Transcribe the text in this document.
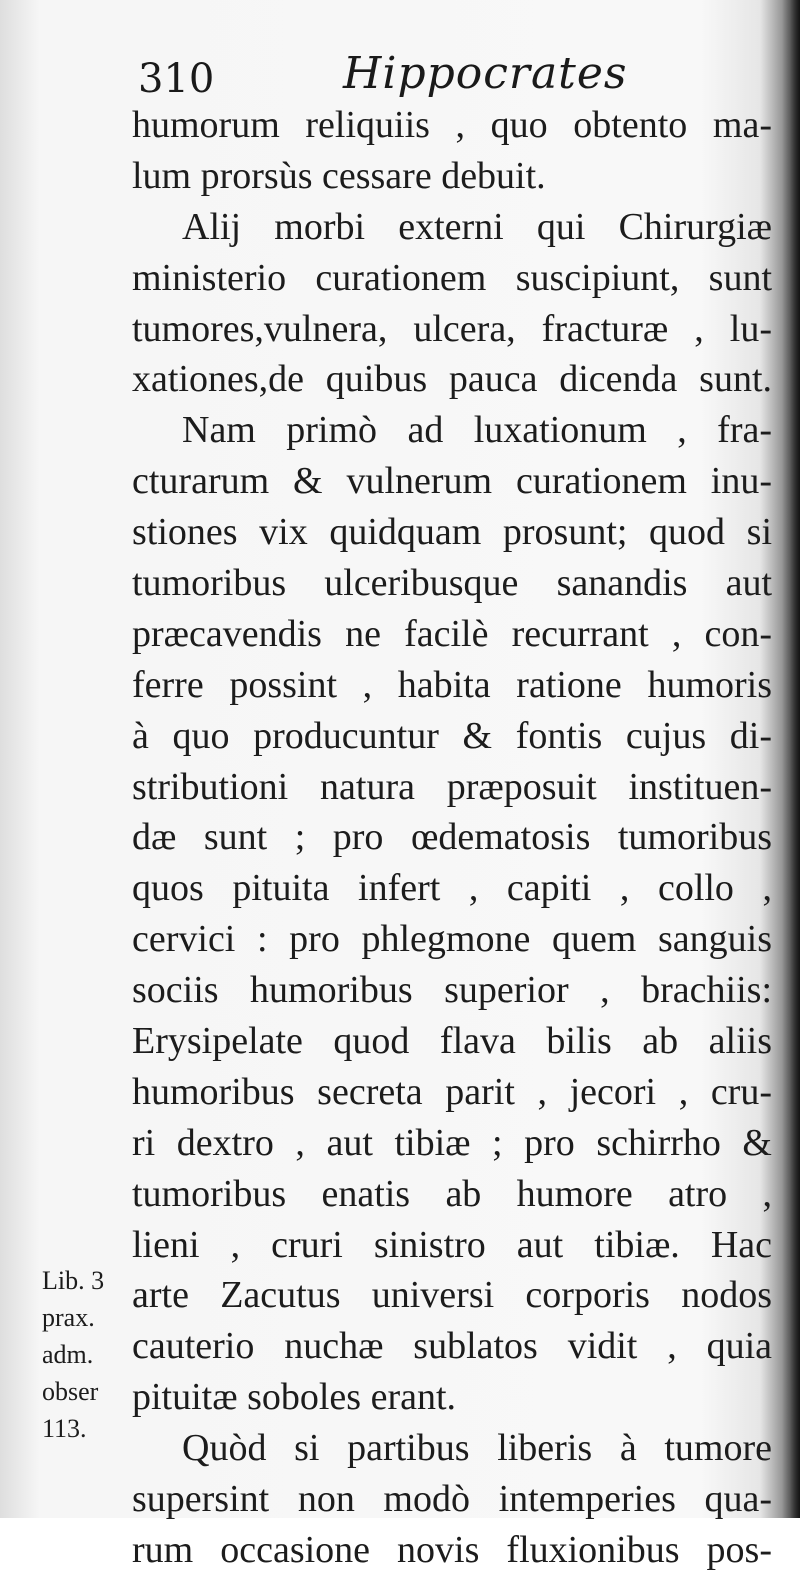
310	Hippocrates
humorum reliquiis , quo obtento ma-
lum prorsùs cessare debuit.
Alij morbi externi qui Chirurgiæ
ministerio curationem suscipiunt, sunt
tumores,vulnera, ulcera, fracturæ , lu-
xationes,de quibus pauca dicenda sunt.
Nam primò ad luxationum , fra-
cturarum & vulnerum curationem inu-
stiones vix quidquam prosunt; quod si
tumoribus ulceribusque sanandis aut
præcavendis ne facilè recurrant , con-
ferre possint , habita ratione humoris
à quo producuntur & fontis cujus di-
stributioni natura præposuit instituen-
dæ sunt ; pro œdematosis tumoribus
quos pituita infert , capiti , collo ,
cervici : pro phlegmone quem sanguis
sociis humoribus superior , brachiis:
Erysipelate quod flava bilis ab aliis
humoribus secreta parit , jecori , cru-
ri dextro , aut tibiæ ; pro schirrho &
tumoribus enatis ab humore atro ,
lieni , cruri sinistro aut tibiæ. Hac
arte Zacutus universi corporis nodos
cauterio nuchæ sublatos vidit , quia
pituitæ soboles erant.
Quòd si partibus liberis à tumore
supersint non modò intemperies qua-
rum occasione novis fluxionibus pos-
Lib. 3
prax.
adm.
obser
113.
